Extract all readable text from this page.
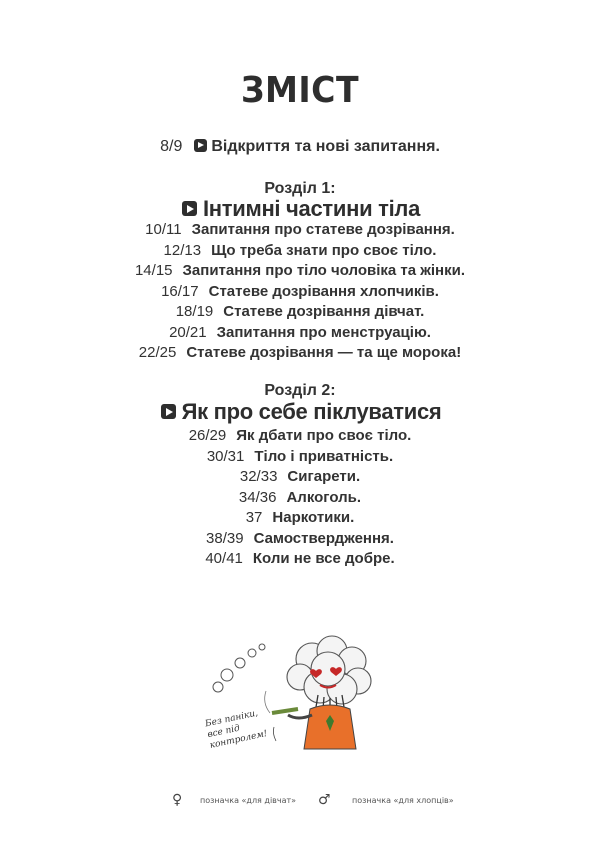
ЗМІСТ
8/9 Відкриття та нові запитання.
Розділ 1:
Інтимні частини тіла
10/11 Запитання про статеве дозрівання.
12/13 Що треба знати про своє тіло.
14/15 Запитання про тіло чоловіка та жінки.
16/17 Статеве дозрівання хлопчиків.
18/19 Статеве дозрівання дівчат.
20/21 Запитання про менструацію.
22/25 Статеве дозрівання — та ще морока!
Розділ 2:
Як про себе піклуватися
26/29 Як дбати про своє тіло.
30/31 Тіло і приватність.
32/33 Сигарети.
34/36 Алкоголь.
37 Наркотики.
38/39 Самоствердження.
40/41 Коли не все добре.
Без паніки, все під контролем!
♀ позначка «для дівчат» ♂	позначка «для хлопців»
